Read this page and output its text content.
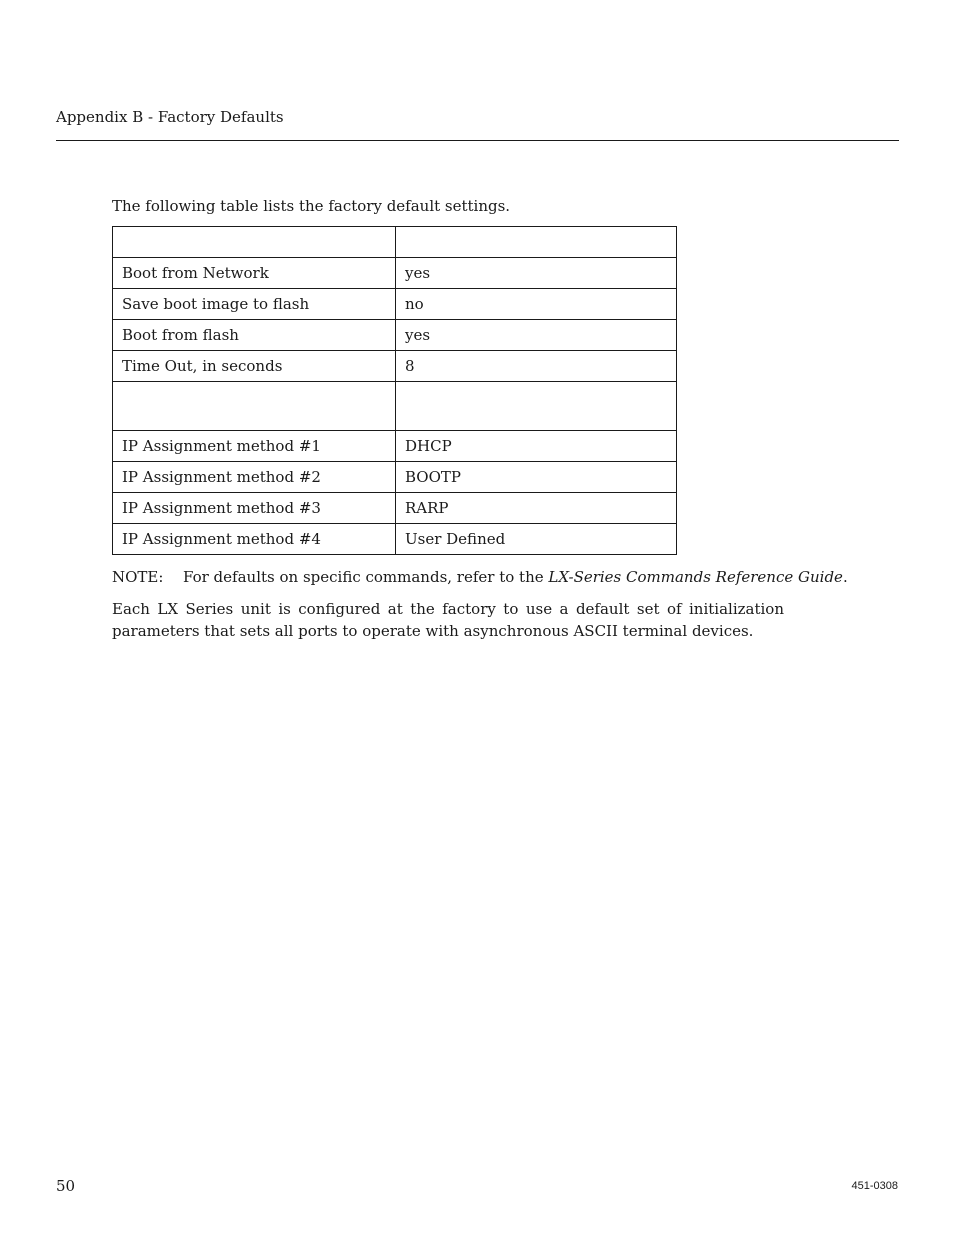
Appendix B - Factory Defaults
The following table lists the factory default settings.

Boot from Network	yes
Save boot image to flash	no
Boot from flash	yes
Time Out, in seconds	8

IP Assignment method #1	DHCP
IP Assignment method #2	BOOTP
IP Assignment method #3	RARP
IP Assignment method #4	User Defined
NOTE: For defaults on specific commands, refer to the LX-Series Commands Reference Guide.

Each LX Series unit is configured at the factory to use a default set of initialization parameters that sets all ports to operate with asynchronous ASCII terminal devices.

50	451-0308
